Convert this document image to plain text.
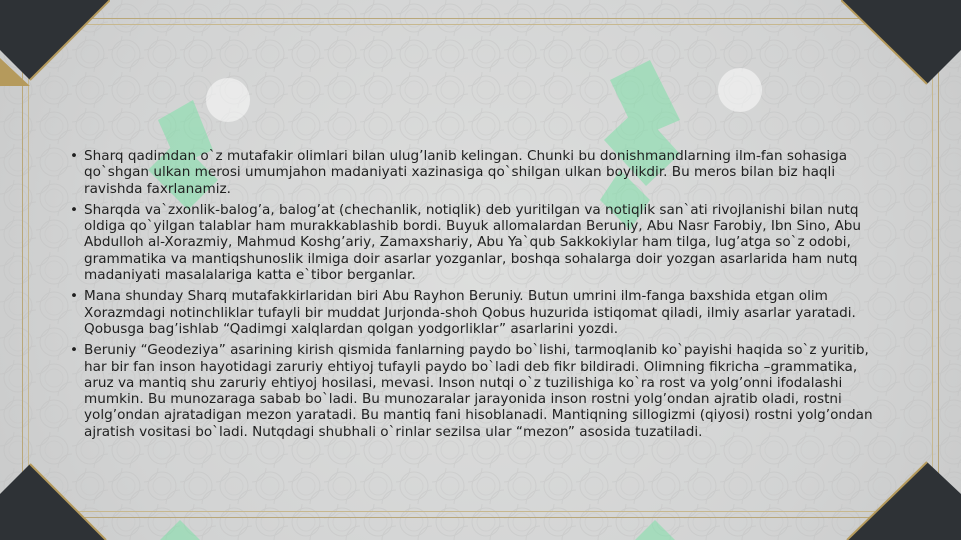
• Sharq qadimdan o`z mutafakir olimlari bilan ulug’lanib kelingan. Chunki bu donishmandlarning ilm-fan sohasiga qo`shgan ulkan merosi umumjahon madaniyati xazinasiga qo`shilgan ulkan boylikdir. Bu meros bilan biz haqli ravishda faxrlanamiz.
• Sharqda va`zxonlik-balog’a, balog’at (chechanlik, notiqlik) deb yuritilgan va notiqlik san`ati rivojlanishi bilan nutq oldiga qo`yilgan talablar ham murakkablashib bordi. Buyuk allomalardan Beruniy, Abu Nasr Farobiy, Ibn Sino, Abu Abdulloh al-Xorazmiy, Mahmud Koshg’ariy, Zamaxshariy, Abu Ya`qub Sakkokiylar ham tilga, lug’atga so`z odobi, grammatika va mantiqshunoslik ilmiga doir asarlar yozganlar, boshqa sohalarga doir yozgan asarlarida ham nutq madaniyati masalalariga katta e`tibor berganlar.
• Mana shunday Sharq mutafakkirlaridan biri Abu Rayhon Beruniy. Butun umrini ilm-fanga baxshida etgan olim Xorazmdagi notinchliklar tufayli bir muddat Jurjonda-shoh Qobus huzurida istiqomat qiladi, ilmiy asarlar yaratadi. Qobusga bag’ishlab “Qadimgi xalqlardan qolgan yodgorliklar” asarlarini yozdi.
• Beruniy “Geodeziya” asarining kirish qismida fanlarning paydo bo`lishi, tarmoqlanib ko`payishi haqida so`z yuritib, har bir fan inson hayotidagi zaruriy ehtiyoj tufayli paydo bo`ladi deb fikr bildiradi. Olimning fikricha –grammatika, aruz va mantiq shu zaruriy ehtiyoj hosilasi, mevasi. Inson nutqi o`z tuzilishiga ko`ra rost va yolg’onni ifodalashi mumkin. Bu munozaraga sabab bo`ladi. Bu munozaralar jarayonida inson rostni yolg’ondan ajratib oladi, rostni yolg’ondan ajratadigan mezon yaratadi. Bu mantiq fani hisoblanadi. Mantiqning sillogizmi (qiyosi) rostni yolg’ondan ajratish vositasi bo`ladi. Nutqdagi shubhali o`rinlar sezilsa ular “mezon” asosida tuzatiladi.
